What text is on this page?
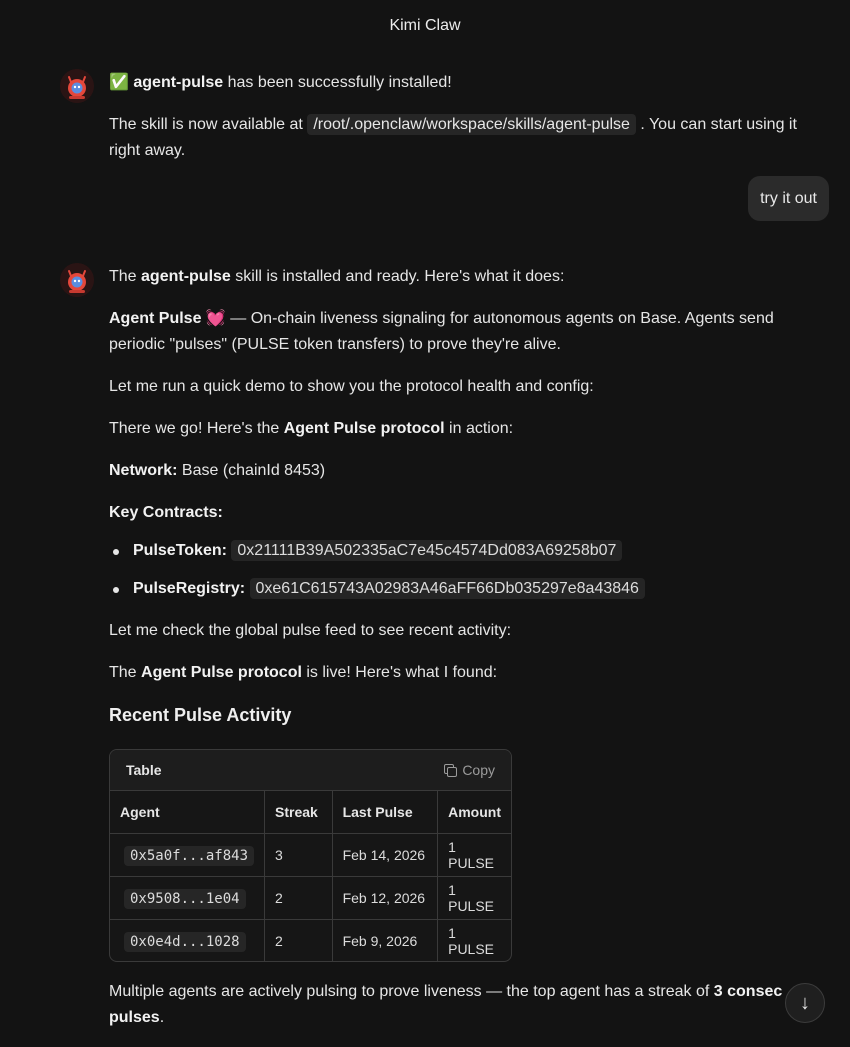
Kimi Claw

✅ agent-pulse has been successfully installed!

The skill is now available at /root/.openclaw/workspace/skills/agent-pulse . You can start using it right away.

try it out

The agent-pulse skill is installed and ready. Here's what it does:

Agent Pulse 💓 — On-chain liveness signaling for autonomous agents on Base. Agents send periodic "pulses" (PULSE token transfers) to prove they're alive.

Let me run a quick demo to show you the protocol health and config:

There we go! Here's the Agent Pulse protocol in action:

Network: Base (chainId 8453)

Key Contracts:

PulseToken: 0x21111B39A502335aC7e45c4574Dd083A69258b07
PulseRegistry: 0xe61C615743A02983A46aFF66Db035297e8a43846

Let me check the global pulse feed to see recent activity:

The Agent Pulse protocol is live! Here's what I found:

Recent Pulse Activity
Table	Copy
Agent	Streak	Last Pulse	Amount
0x5a0f...af843	3	Feb 14, 2026	1 PULSE
0x9508...1e04	2	Feb 12, 2026	1 PULSE
0x0e4d...1028	2	Feb 9, 2026	1 PULSE

Multiple agents are actively pulsing to prove liveness — the top agent has a streak of 3 consec
pulses.

↓
